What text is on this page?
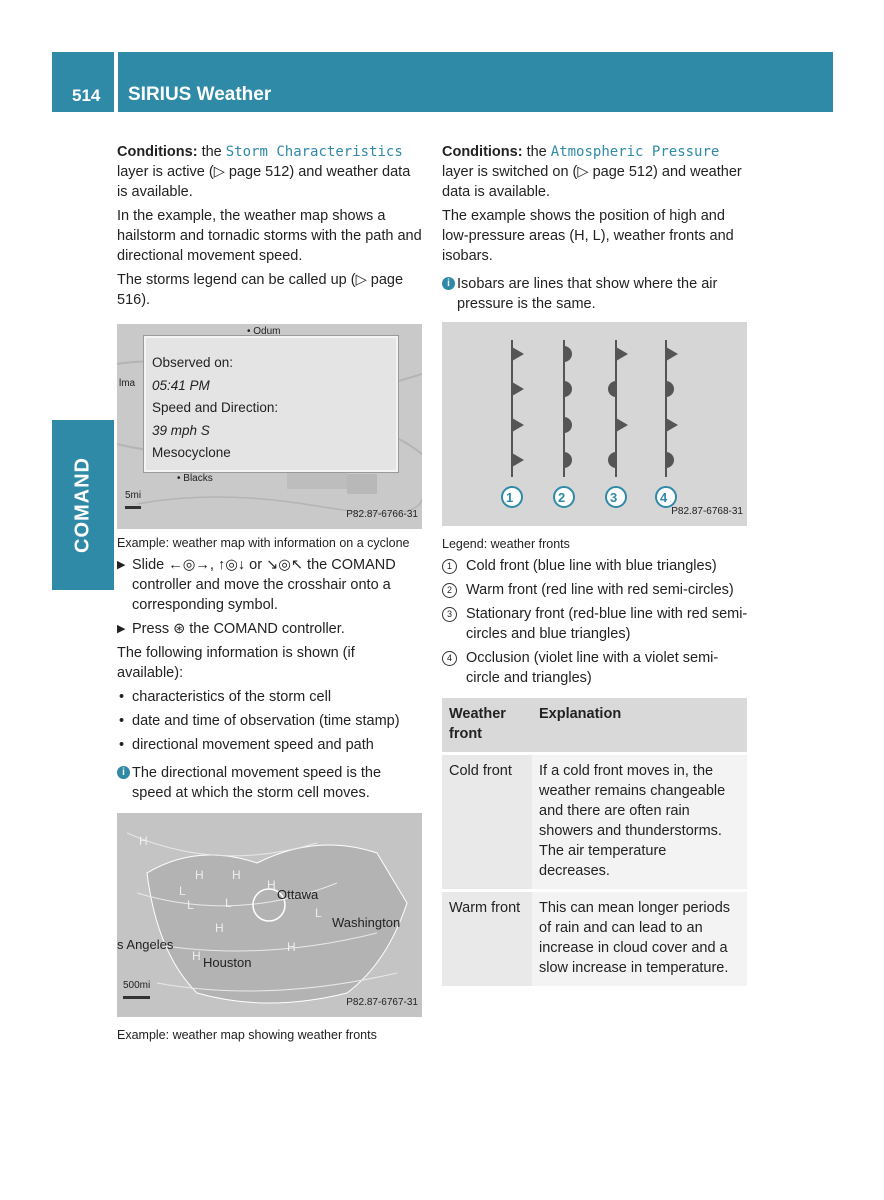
514 SIRIUS Weather
COMAND

Conditions: the Storm Characteristics layer is active (▷ page 512) and weather data is available.

In the example, the weather map shows a hailstorm and tornadic storms with the path and directional movement speed.

The storms legend can be called up (▷ page 516).

Observed on:
05:41 PM
Speed and Direction:
39 mph S
Mesocyclone
• Odum
• Blacks
lma
5mi
P82.87-6766-31

Example: weather map with information on a cyclone

▶ Slide ←◎→, ↑◎↓ or ↘◎↖ the COMAND controller and move the crosshair onto a corresponding symbol.
▶ Press ⊛ the COMAND controller.

The following information is shown (if available):

• characteristics of the storm cell
• date and time of observation (time stamp)
• directional movement speed and path
i The directional movement speed is the speed at which the storm cell moves.
H
H H
H
L
L	L
H
L
H
H
Ottawa
Washington
s Angeles
Houston
500mi
P82.87-6767-31

Example: weather map showing weather fronts

Conditions: the Atmospheric Pressure layer is switched on (▷ page 512) and weather data is available.

The example shows the position of high and low-pressure areas (H, L), weather fronts and isobars.

i Isobars are lines that show where the air pressure is the same.
1	2	3	4
P82.87-6768-31

Legend: weather fronts

1 Cold front (blue line with blue triangles)
2 Warm front (red line with red semi-circles)
3 Stationary front (red-blue line with red semi-circles and blue triangles)
4 Occlusion (violet line with a violet semi-circle and triangles)
Weather front	Explanation
Cold front	If a cold front moves in, the weather remains changeable and there are often rain showers and thunderstorms. The air temperature decreases.
Warm front	This can mean longer periods of rain and can lead to an increase in cloud cover and a slow increase in temperature.
